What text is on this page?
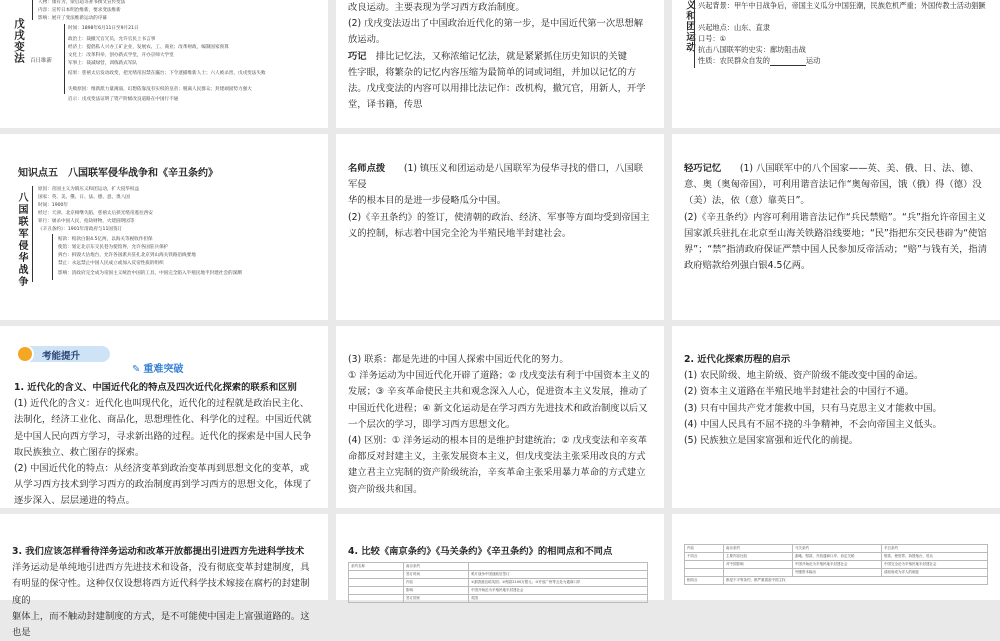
戊戌变法 百日维新
人物：康有为、梁启超等著书撰文宣传变法
内容：宣传日本明治维新，要求变法维新
影响：展开了变法维新运动的序幕
时间：1898年6月11日至9月21日
政治上：裁撤冗官冗员，允许官民上书言事
经济上：提倡私人兴办工矿企业，发展农、工、商业；改革财政，编制国家预算
文化上：改革科举，创办新式学堂，开办京师大学堂
军事上：裁减绿营，训练新式军队
结果：慈禧太后发动政变，把光绪帝囚禁在瀛台；下令逮捕维新人士；六人被杀害，戊戌变法失败
失败原因：维新派力量薄弱，幻想依靠没有实权的皇帝；脱离人民群众；封建顽固势力强大
启示：戊戌变法证明了资产阶级改良道路在中国行不通

改良运动。主要表现为学习西方政治制度。

(2) 戊戌变法迈出了中国政治近代化的第一步，是中国近代第一次思想解放运动。

巧记　 排比记忆法，又称浓缩记忆法，就是紧紧抓住历史知识的关键

性字眼，将繁杂的记忆内容压缩为最简单的词或词组，并加以记忆的方法。戊戌变法的内容可以用排比法记作：改机构，撤冗官，用新人，开学堂，译书籍，传思

义和团运动 兴起背景：甲午中日战争后，帝国主义瓜分中国狂潮，民族危机严重；外国传教士活动猖獗
兴起地点：山东、直隶
口号：①
抗击八国联军的史实：廊坊阻击战
性质：农民群众自发的	运动
知识点五　八国联军侵华战争和《辛丑条约》
八国联军侵华战争
原因：帝国主义为镇压义和团运动，扩大侵华权益
国家：英、美、俄、日、法、德、意、奥八国
时间：1900年
经过：天津、北京相继失陷，慈禧太后挟光绪帝逃往西安
罪行：屠杀中国人民，抢劫财物，火烧圆明园等
《辛丑条约》：1901年清政府与11国签订
赔款：赔款白银4.5亿两，以海关等税收作担保
使馆：划定北京东交民巷为使馆界，允许各国驻兵保护
拆台：拆毁大沽炮台，允许各国派兵驻扎北京到山海关铁路沿线要地
禁止：永远禁止中国人民成立或加入反帝性质的组织
影响：清政府完全成为帝国主义统治中国的工具，中国完全陷入半殖民地半封建社会的深渊

名师点拨　　 (1) 镇压义和团运动是八国联军为侵华寻找的借口，八国联军侵

华的根本目的是进一步侵略瓜分中国。

(2)《辛丑条约》的签订，使清朝的政治、经济、军事等方面均受到帝国主义的控制，标志着中国完全沦为半殖民地半封建社会。

轻巧记忆　　 (1) 八国联军中的八个国家——英、美、俄、日、法、德、意、奥（奥匈帝国），可利用谐音法记作“奥匈帝国，饿（俄）得（德）没（美）法，依（意）靠英日”。

(2)《辛丑条约》内容可利用谐音法记作“兵民禁赔”。“兵”指允许帝国主义国家派兵驻扎在北京至山海关铁路沿线要地；“民”指把东交民巷辟为“使馆界”；“禁”指清政府保证严禁中国人民参加反帝活动；“赔”与钱有关，指清政府赔款给列强白银4.5亿两。

考能提升
✎ 重难突破

1. 近代化的含义、中国近代化的特点及四次近代化探索的联系和区别

(1) 近代化的含义：近代化也叫现代化，近代化的过程就是政治民主化、法制化，经济工业化、商品化，思想理性化、科学化的过程。中国近代就是中国人民向西方学习，寻求新出路的过程。近代化的探索是中国人民争取民族独立、救亡图存的探索。

(2) 中国近代化的特点：从经济变革到政治变革再到思想文化的变革，或从学习西方技术到学习西方的政治制度再到学习西方的思想文化，体现了逐步深入、层层递进的特点。

(3) 联系：都是先进的中国人探索中国近代化的努力。

① 洋务运动为中国近代化开辟了道路；② 戊戌变法有利于中国资本主义的发展；③ 辛亥革命使民主共和观念深入人心，促进资本主义发展，推动了中国近代化进程；④ 新文化运动是在学习西方先进技术和政治制度以后又一个层次的学习，即学习西方思想文化。

(4) 区别：① 洋务运动的根本目的是维护封建统治；② 戊戌变法和辛亥革命都反对封建主义，主张发展资本主义，但戊戌变法主张采用改良的方式建立君主立宪制的资产阶级统治，辛亥革命主张采用暴力革命的方式建立资产阶级共和国。

2. 近代化探索历程的启示

(1) 农民阶级、地主阶级、资产阶级不能改变中国的命运。

(2) 资本主义道路在半殖民地半封建社会的中国行不通。

(3) 只有中国共产党才能救中国，只有马克思主义才能救中国。

(4) 中国人民具有不屈不挠的斗争精神，不会向帝国主义低头。

(5) 民族独立是国家富强和近代化的前提。

3. 我们应该怎样看待洋务运动和改革开放都提出引进西方先进科学技术

洋务运动是单纯地引进西方先进技术和设备，没有彻底变革封建制度，具有明显的保守性。这种仅仅设想将西方近代科学技术嫁接在腐朽的封建制度的

躯体上，而不触动封建制度的方式，是不可能使中国走上富强道路的。这也是

4. 比较《南京条约》《马关条约》《辛丑条约》的相同点和不同点

条约名称	南京条约	
	签订时间	鸦片战争中国战败后签订
	内容	①割香港岛给英国；②赔款2100万银元；③开放广州等五处为通商口岸
	影响	中国开始沦为半殖民地半封建社会
	签订国家	英国
内容	南京条约	马关条约	辛丑条约
不同点	主要内容比较	割地、赔款、开放通商口岸、协定关税	赔款、使馆界、拆毁炮台、驻兵
	对中国影响	中国开始沦为半殖民地半封建社会	中国完全沦为半殖民地半封建社会
		列强资本输出	清政府成为洋人的朝廷
相同点	都是不平等条约，都严重损害中国主权		
